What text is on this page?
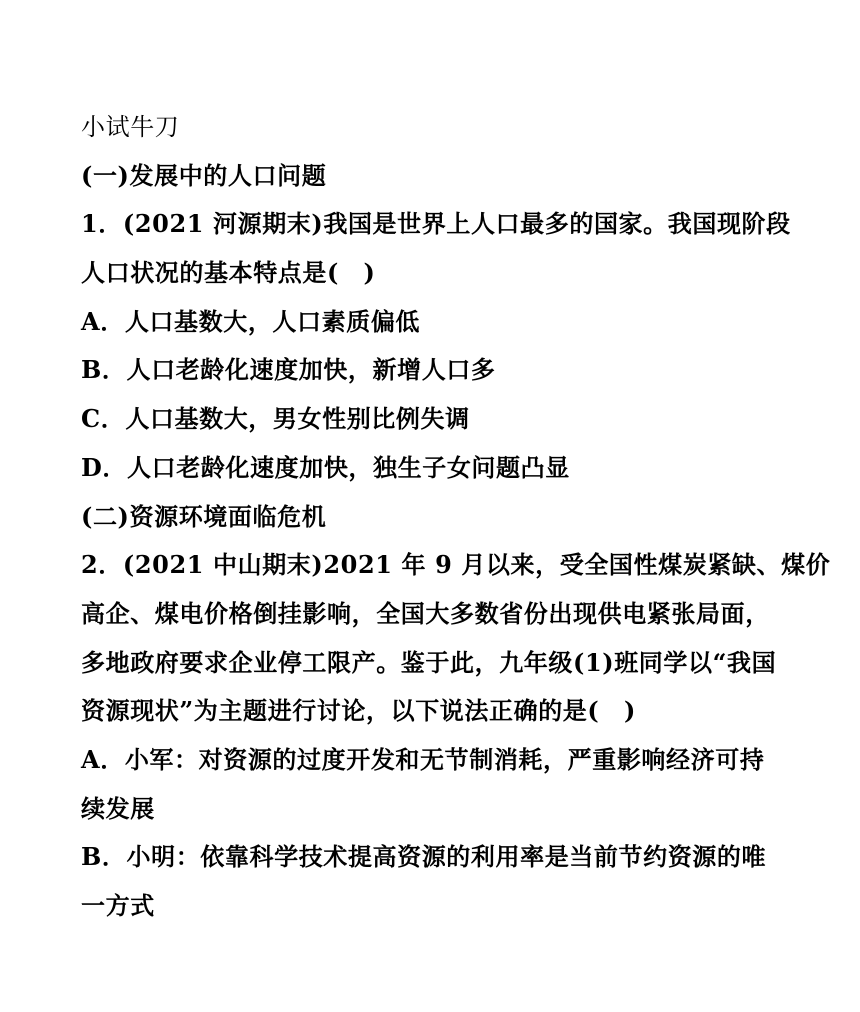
小试牛刀
(一)发展中的人口问题
1．(2021 河源期末)我国是世界上人口最多的国家。我国现阶段
人口状况的基本特点是(　)
A．人口基数大，人口素质偏低
B．人口老龄化速度加快，新增人口多
C．人口基数大，男女性别比例失调
D．人口老龄化速度加快，独生子女问题凸显
(二)资源环境面临危机
2．(2021 中山期末)2021 年 9 月以来，受全国性煤炭紧缺、煤价
高企、煤电价格倒挂影响，全国大多数省份出现供电紧张局面，
多地政府要求企业停工限产。鉴于此，九年级(1)班同学以“我国
资源现状”为主题进行讨论，以下说法正确的是(　)
A．小军：对资源的过度开发和无节制消耗，严重影响经济可持
续发展
B．小明：依靠科学技术提高资源的利用率是当前节约资源的唯
一方式
